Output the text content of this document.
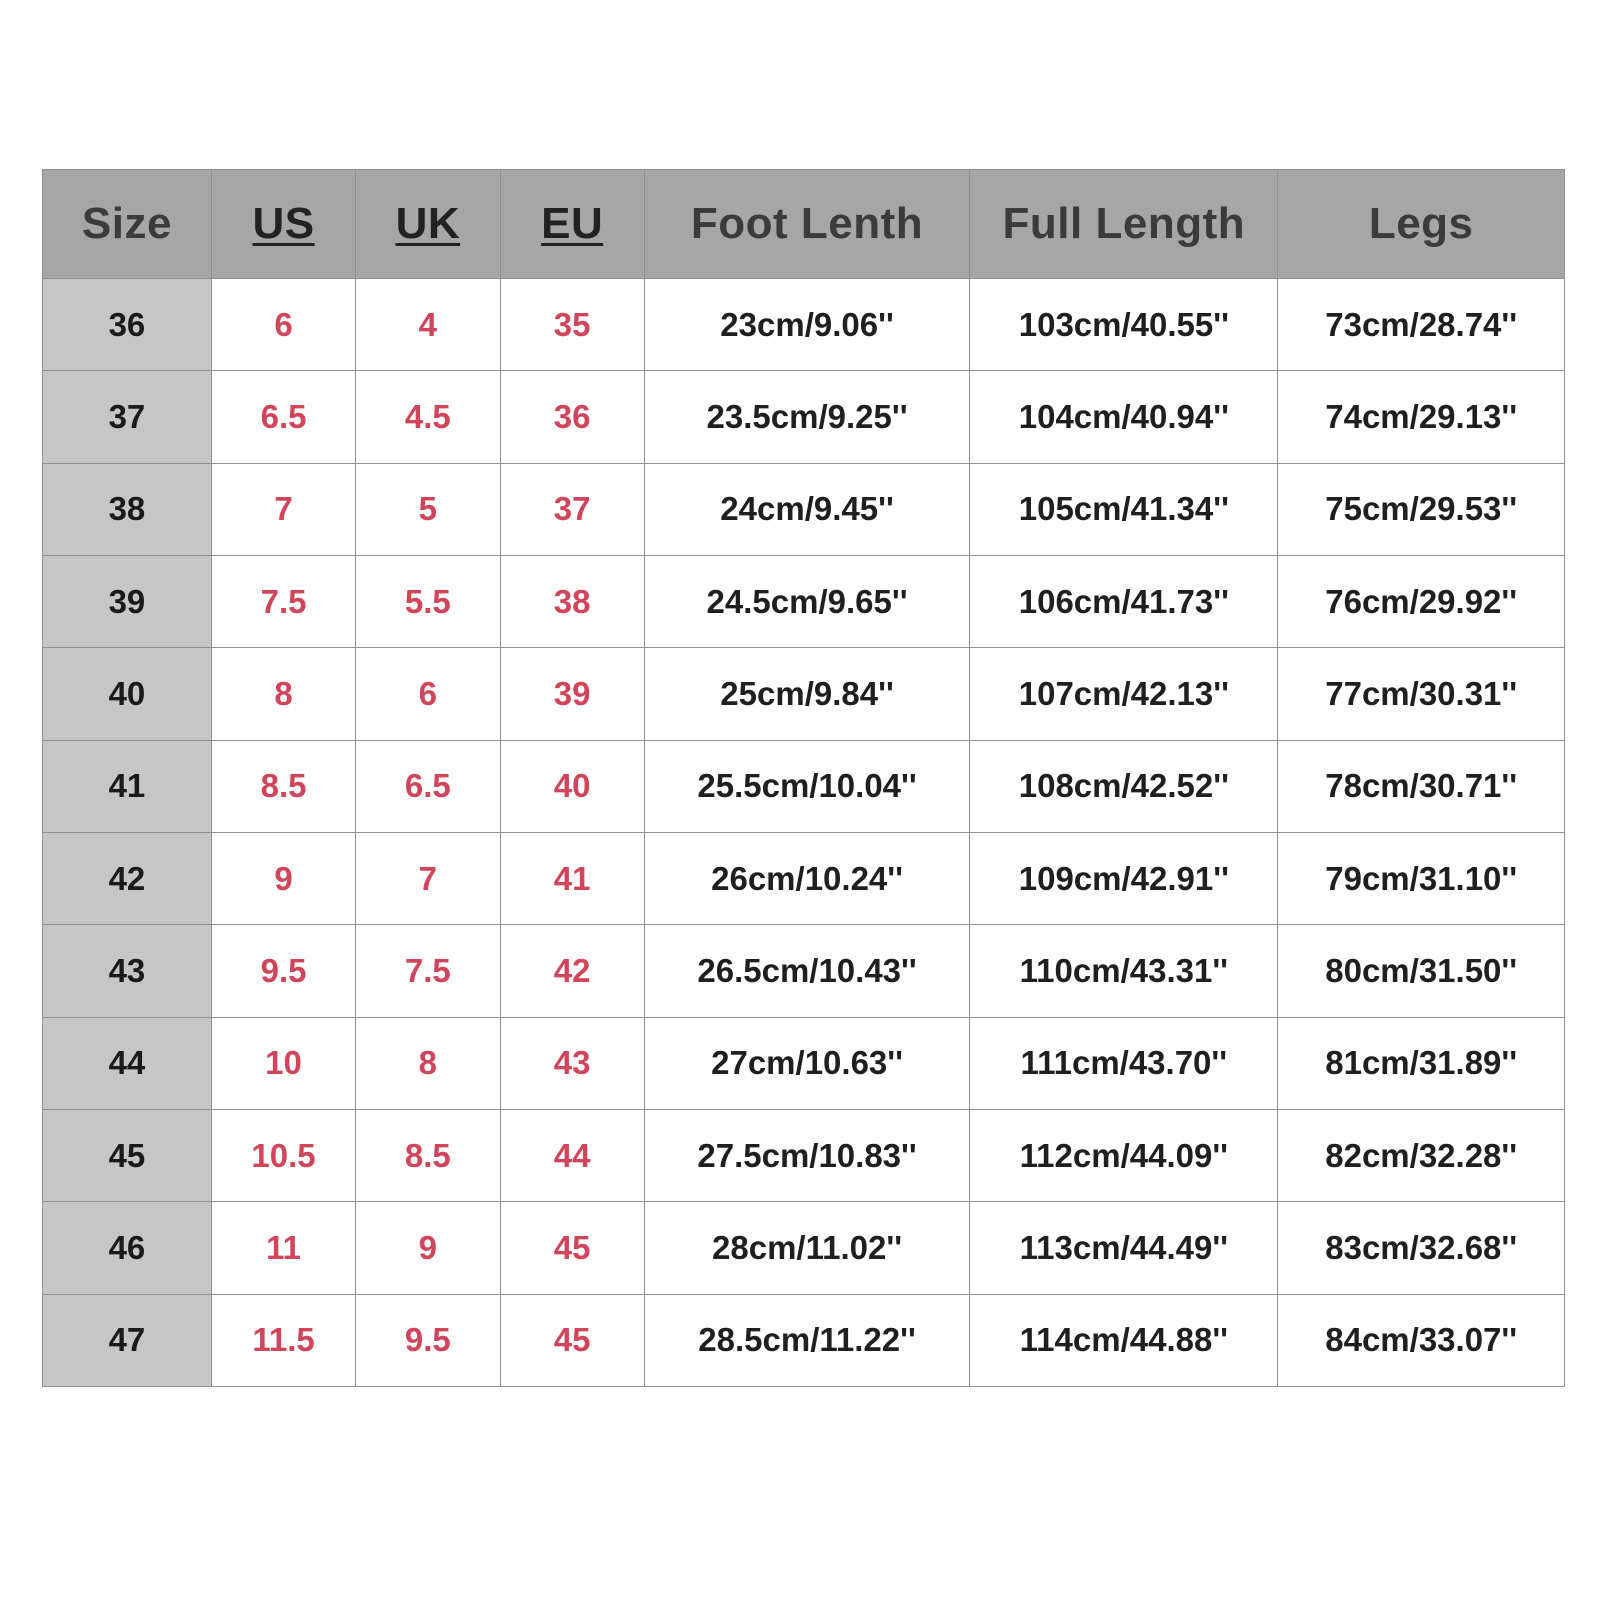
Size	US	UK	EU	Foot Lenth	Full Length	Legs
36	6	4	35	23cm/9.06''	103cm/40.55''	73cm/28.74''
37	6.5	4.5	36	23.5cm/9.25''	104cm/40.94''	74cm/29.13''
38	7	5	37	24cm/9.45''	105cm/41.34''	75cm/29.53''
39	7.5	5.5	38	24.5cm/9.65''	106cm/41.73''	76cm/29.92''
40	8	6	39	25cm/9.84''	107cm/42.13''	77cm/30.31''
41	8.5	6.5	40	25.5cm/10.04''	108cm/42.52''	78cm/30.71''
42	9	7	41	26cm/10.24''	109cm/42.91''	79cm/31.10''
43	9.5	7.5	42	26.5cm/10.43''	110cm/43.31''	80cm/31.50''
44	10	8	43	27cm/10.63''	111cm/43.70''	81cm/31.89''
45	10.5	8.5	44	27.5cm/10.83''	112cm/44.09''	82cm/32.28''
46	11	9	45	28cm/11.02''	113cm/44.49''	83cm/32.68''
47	11.5	9.5	45	28.5cm/11.22''	114cm/44.88''	84cm/33.07''
